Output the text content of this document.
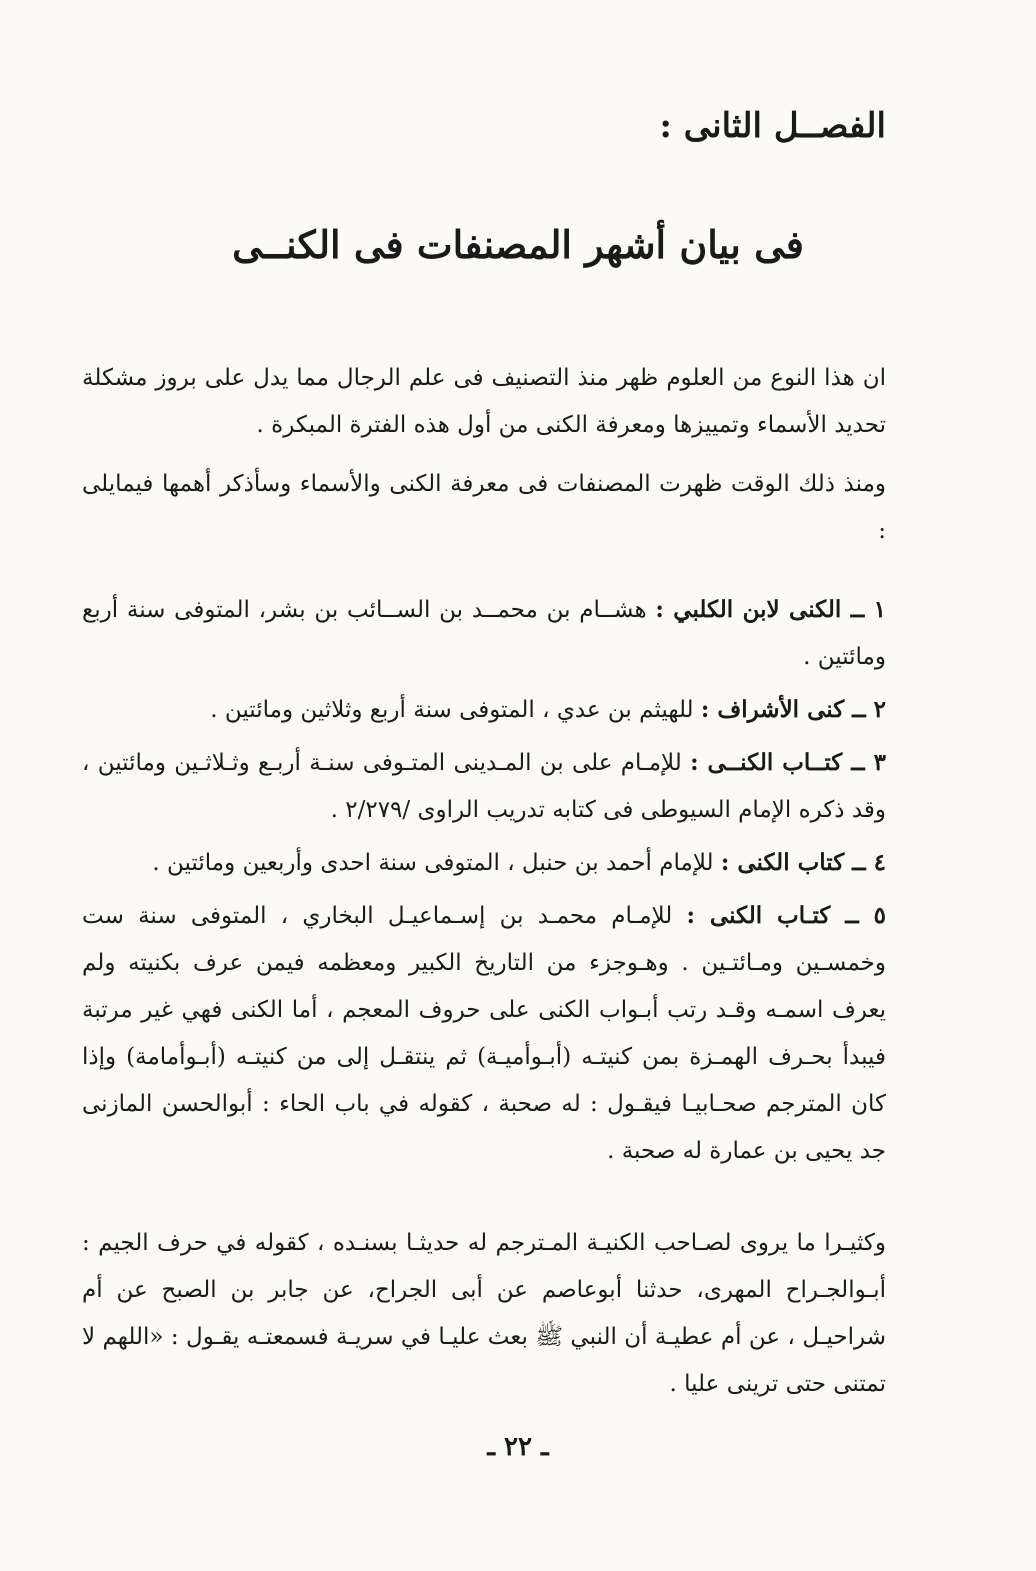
الفصــل الثانى :
فى بيان أشهر المصنفات فى الكنــى

ان هذا النوع من العلوم ظهر منذ التصنيف فى علم الرجال مما يدل على بروز مشكلة تحديد الأسماء وتمييزها ومعرفة الكنى من أول هذه الفترة المبكرة .

ومنذ ذلك الوقت ظهرت المصنفات فى معرفة الكنى والأسماء وسأذكر أهمها فيمايلى :

١ ــ الكنى لابن الكلبي : هشــام بن محمــد بن الســائب بن بشر، المتوفى سنة أربع ومائتين .

٢ ــ كنى الأشراف : للهيثم بن عدي ، المتوفى سنة أربع وثلاثين ومائتين .

٣ ــ كتــاب الكنــى : للإمـام على بن المـدينى المتـوفى سنـة أربـع وثـلاثـين ومائتين ، وقد ذكره الإمام السيوطى فى كتابه تدريب الراوى /٢/٢٧٩ .

٤ ــ كتاب الكنى : للإمام أحمد بن حنبل ، المتوفى سنة احدى وأربعين ومائتين .

٥ ــ كتـاب الكنى : للإمـام محمـد بن إسـماعيـل البخاري ، المتوفى سنة ست وخمسـين ومـائتـين . وهـوجزء من التاريخ الكبير ومعظمه فيمن عرف بكنيته ولم يعرف اسمـه وقـد رتب أبـواب الكنى على حروف المعجم ، أما الكنى فهي غير مرتبة فيبدأ بحـرف الهمـزة بمن كنيتـه (أبـوأميـة) ثم ينتقـل إلى من كنيتـه (أبـوأمامة) وإذا كان المترجم صحـابيـا فيقـول : له صحبة ، كقوله في باب الحاء : أبوالحسن المازنى جد يحيى بن عمارة له صحبة .

وكثيـرا ما يروى لصـاحب الكنيـة المـترجم له حديثـا بسنـده ، كقوله في حرف الجيم : أبـوالجـراح المهرى، حدثنا أبوعاصم عن أبى الجراح، عن جابر بن الصبح عن أم شراحيـل ، عن أم عطيـة أن النبي ﷺ بعث عليـا في سريـة فسمعتـه يقـول : «اللهم لا تمتنى حتى ترينى عليا .

ـ ٢٢ ـ
